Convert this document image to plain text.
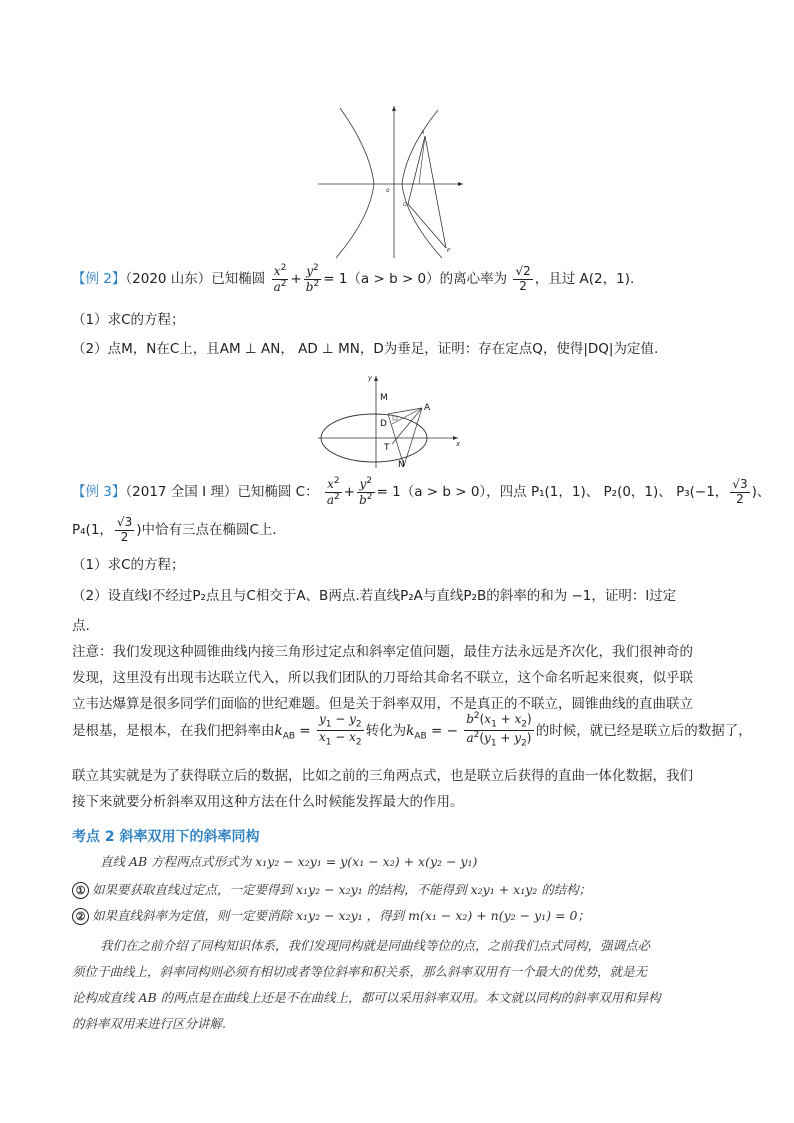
o
A
Q
P
【例 2】（2020 山东）已知椭圆 $\frac{x^2}{a^2} + \frac{y^2}{b^2} = 1(a > b > 0)$的离心率为 $\frac{√2}{2}$ ，且过 A(2，1).
（1）求C的方程；
（2）点M，N在C上，且AM ⊥ AN， AD ⊥ MN，D为垂足，证明：存在定点Q，使得|DQ|为定值.
y
x
M
A
D
T
N
【例 3】（2017 全国 I 理）已知椭圆 C： $\frac{x^2}{a^2} + \frac{y^2}{b^2} = 1(a > b > 0)$，四点 P₁(1，1)、 P₂(0，1)、 P₃(−1， $\frac{√3}{2}$ )、
P₄(1， $\frac{√3}{2}$ )中恰有三点在椭圆C上.
（1）求C的方程；
（2）设直线l不经过P₂点且与C相交于A、B两点.若直线P₂A与直线P₂B的斜率的和为 −1，证明：l过定
点.
注意：我们发现这种圆锥曲线内接三角形过定点和斜率定值问题，最佳方法永远是齐次化，我们很神奇的
发现，这里没有出现韦达联立代入，所以我们团队的刀哥给其命名不联立，这个命名听起来很爽，似乎联
立韦达爆算是很多同学们面临的世纪难题。但是关于斜率双用，不是真正的不联立，圆锥曲线的直曲联立
是根基，是根本，在我们把斜率由$k_{AB} = \frac{y_1 - y_2}{x_1 - x_2}$ 转化为$k_{AB}$ = − $\frac{b^2(x_1 + x_2)}{a^2(y_1 + y_2)}$ 的时候，就已经是联立后的数据了，
联立其实就是为了获得联立后的数据，比如之前的三角两点式，也是联立后获得的直曲一体化数据，我们
接下来就要分析斜率双用这种方法在什么时候能发挥最大的作用。
考点 2 斜率双用下的斜率同构
直线 AB 方程两点式形式为 x₁y₂ − x₂y₁ = y(x₁ − x₂) + x(y₂ − y₁)
① 如果要获取直线过定点，一定要得到 x₁y₂ − x₂y₁ 的结构，不能得到 x₂y₁ + x₁y₂ 的结构；
② 如果直线斜率为定值，则一定要消除 x₁y₂ − x₂y₁ ，得到 m(x₁ − x₂) + n(y₂ − y₁) = 0；
我们在之前介绍了同构知识体系，我们发现同构就是同曲线等位的点，之前我们点式同构，强调点必
须位于曲线上，斜率同构则必须有相切或者等位斜率和积关系，那么斜率双用有一个最大的优势，就是无
论构成直线 AB 的两点是在曲线上还是不在曲线上，都可以采用斜率双用。本文就以同构的斜率双用和异构
的斜率双用来进行区分讲解.
